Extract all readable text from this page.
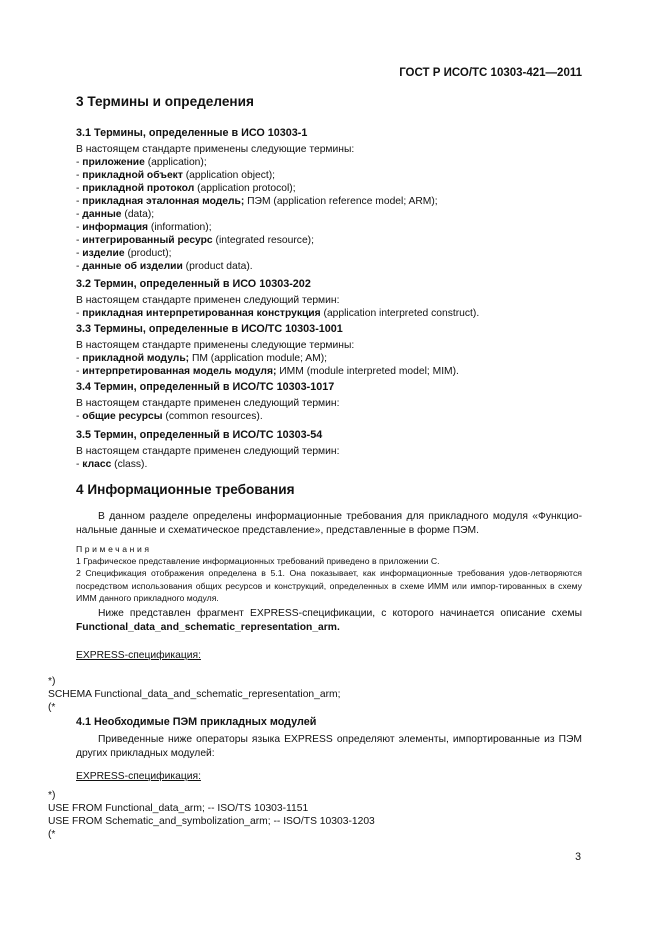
ГОСТ Р ИСО/ТС 10303-421—2011
3 Термины и определения
3.1 Термины, определенные в ИСО 10303-1
В настоящем стандарте применены следующие термины:
- приложение (application);
- прикладной объект (application object);
- прикладной протокол (application protocol);
- прикладная эталонная модель; ПЭМ (application reference model; ARM);
- данные (data);
- информация (information);
- интегрированный ресурс (integrated resource);
- изделие (product);
- данные об изделии (product data).
3.2 Термин, определенный в ИСО 10303-202
В настоящем стандарте применен следующий термин:
- прикладная интерпретированная конструкция (application interpreted construct).
3.3 Термины, определенные в ИСО/ТС 10303-1001
В настоящем стандарте применены следующие термины:
- прикладной модуль; ПМ (application module; AM);
- интерпретированная модель модуля; ИММ (module interpreted model; MIM).
3.4 Термин, определенный в ИСО/ТС 10303-1017
В настоящем стандарте применен следующий термин:
- общие ресурсы (common resources).
3.5 Термин, определенный в ИСО/ТС 10303-54
В настоящем стандарте применен следующий термин:
- класс (class).
4 Информационные требования
В данном разделе определены информационные требования для прикладного модуля «Функцио-нальные данные и схематическое представление», представленные в форме ПЭМ.
Примечания
1 Графическое представление информационных требований приведено в приложении С.
2 Спецификация отображения определена в 5.1. Она показывает, как информационные требования удов-летворяются посредством использования общих ресурсов и конструкций, определенных в схеме ИММ или импор-тированных в схему ИММ данного прикладного модуля.
Ниже представлен фрагмент EXPRESS-спецификации, с которого начинается описание схемы Functional_data_and_schematic_representation_arm.
EXPRESS-спецификация:
*)
SCHEMA Functional_data_and_schematic_representation_arm;
(*
4.1 Необходимые ПЭМ прикладных модулей
Приведенные ниже операторы языка EXPRESS определяют элементы, импортированные из ПЭМ других прикладных модулей:
EXPRESS-спецификация:
*)
USE FROM Functional_data_arm; -- ISO/TS 10303-1151
USE FROM Schematic_and_symbolization_arm; -- ISO/TS 10303-1203
(*
3
